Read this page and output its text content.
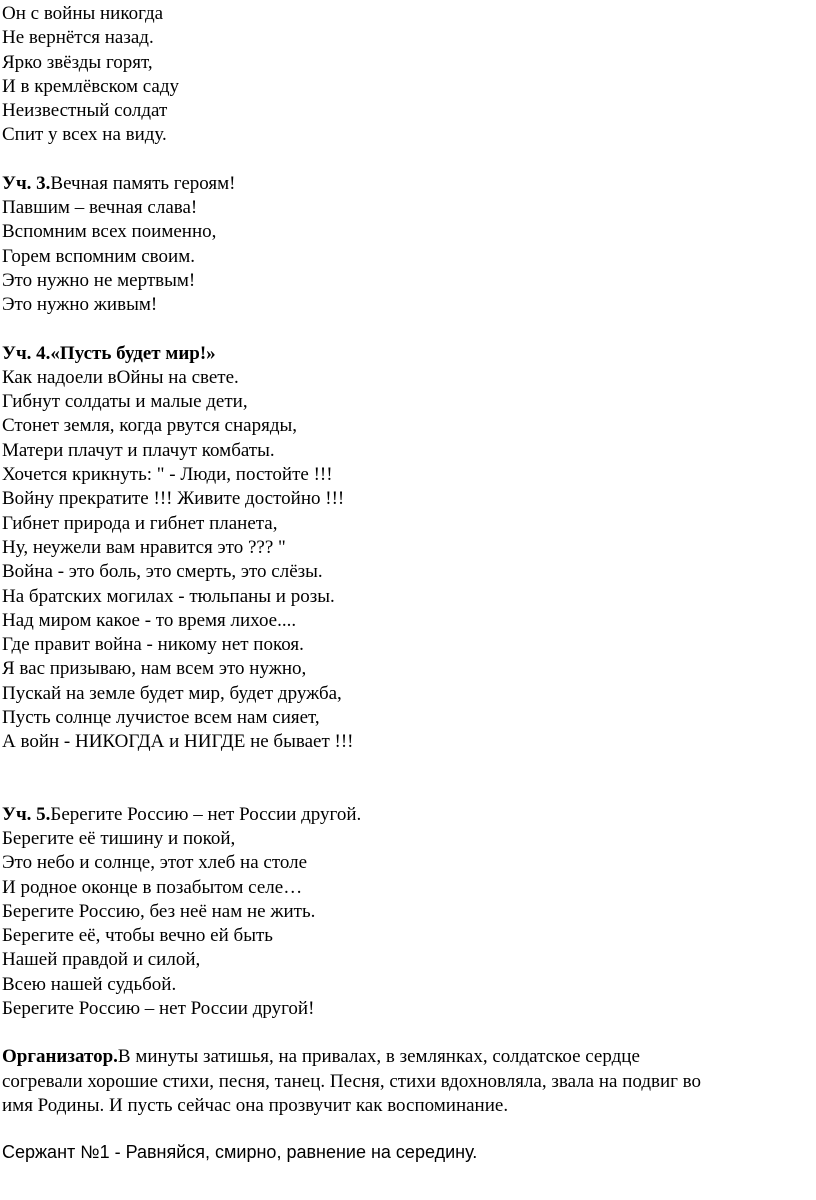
Он с войны никогда
Не вернётся назад.
Ярко звёзды горят,
И в кремлёвском саду
Неизвестный солдат
Спит у всех на виду.
Уч. 3.Вечная память героям!
Павшим – вечная слава!
Вспомним всех поименно,
Горем вспомним своим.
Это нужно не мертвым!
Это нужно живым!
Уч. 4.«Пусть будет мир!»
Как надоели вОйны на свете.
Гибнут солдаты и малые дети,
Стонет земля, когда рвутся снаряды,
Матери плачут и плачут комбаты.
Хочется крикнуть: " - Люди, постойте !!!
Войну прекратите !!! Живите достойно !!!
Гибнет природа и гибнет планета,
Ну, неужели вам нравится это ??? "
Война - это боль, это смерть, это слёзы.
На братских могилах - тюльпаны и розы.
Над миром какое - то время лихое....
Где правит война - никому нет покоя.
Я вас призываю, нам всем это нужно,
Пускай на земле будет мир, будет дружба,
Пусть солнце лучистое всем нам сияет,
А войн - НИКОГДА и НИГДЕ не бывает !!!
Уч. 5.Берегите Россию – нет России другой.
Берегите её тишину и покой,
Это небо и солнце, этот хлеб на столе
И родное оконце в позабытом селе…
Берегите Россию, без неё нам не жить.
Берегите её, чтобы вечно ей быть
Нашей правдой и силой,
Всею нашей судьбой.
Берегите Россию – нет России другой!
Организатор.В минуты затишья, на привалах, в землянках, солдатское сердце
согревали хорошие стихи, песня, танец. Песня, стихи вдохновляла, звала на подвиг во
имя Родины. И пусть сейчас она прозвучит как воспоминание.
Сержант №1 - Равняйся, смирно, равнение на середину.
